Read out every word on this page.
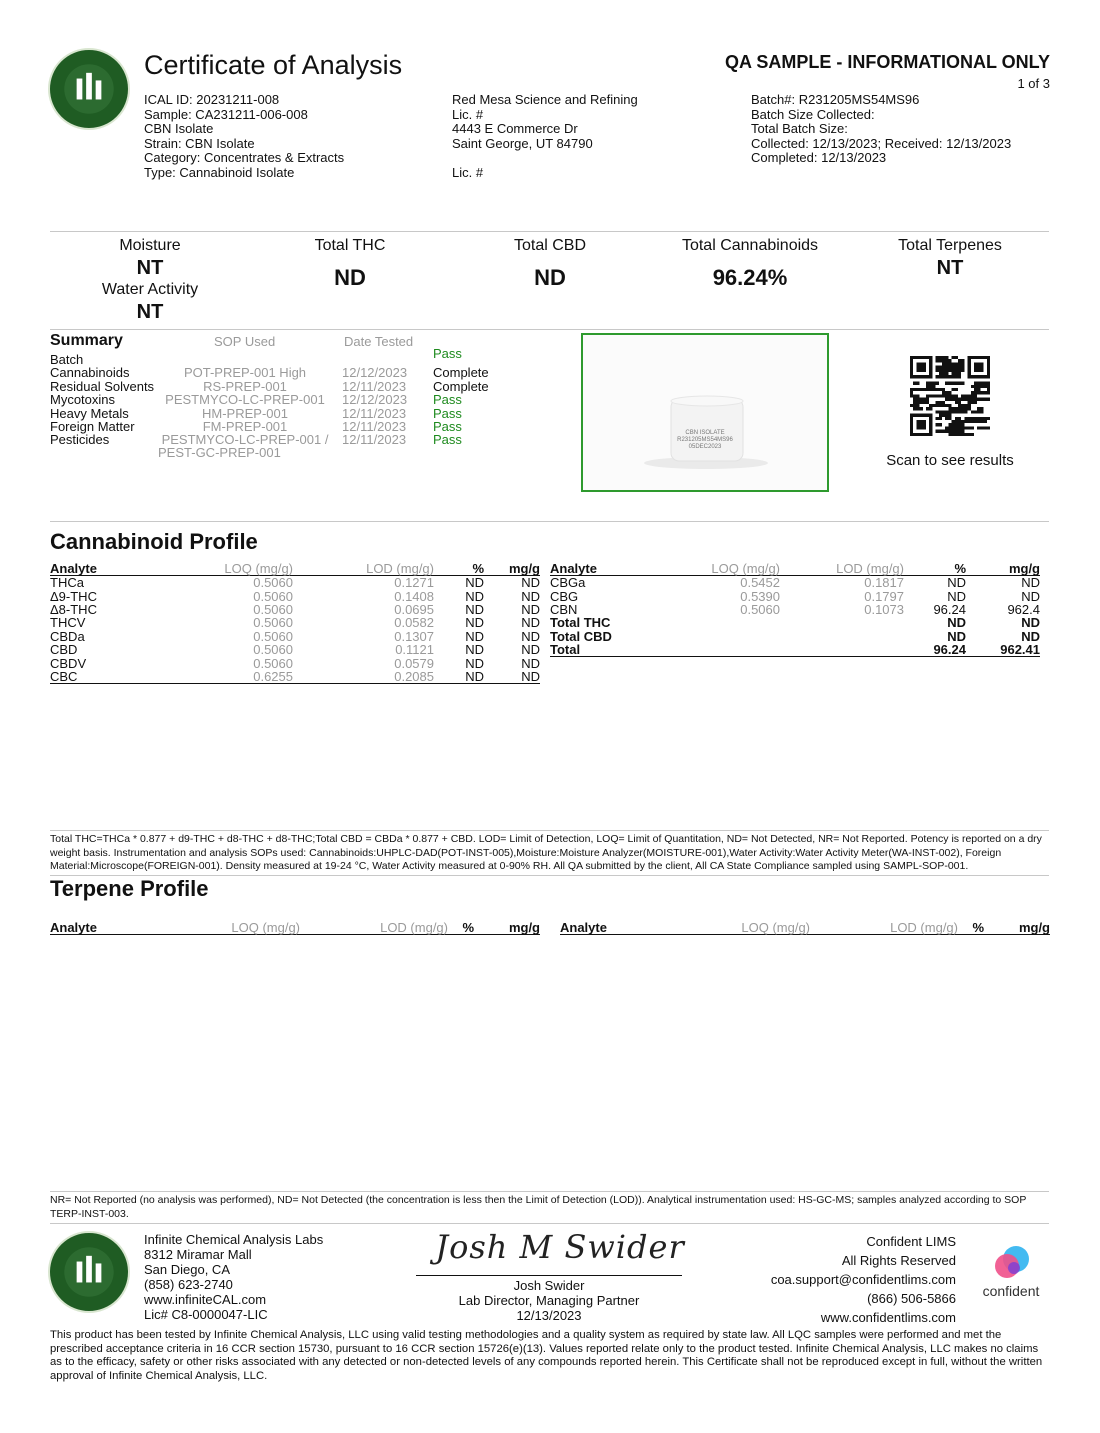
Certificate of Analysis	QA SAMPLE - INFORMATIONAL ONLY
1 of 3
ICAL ID: 20231211-008
Sample: CA231211-006-008
CBN Isolate
Strain: CBN Isolate
Category: Concentrates & Extracts
Type: Cannabinoid Isolate
Red Mesa Science and Refining
Lic. #
4443 E Commerce Dr
Saint George, UT 84790
Lic. #
Batch#: R231205MS54MS96
Batch Size Collected:
Total Batch Size:
Collected: 12/13/2023; Received: 12/13/2023
Completed: 12/13/2023
Moisture
NT
Water Activity
NT
Total THC
ND
Total CBD
ND
Total Cannabinoids
96.24%
Total Terpenes
NT
Summary	SOP Used	Date Tested
Batch	Pass
Cannabinoids	POT-PREP-001 High	12/12/2023 Complete
Residual Solvents	RS-PREP-001	12/11/2023 Complete
Mycotoxins	PESTMYCO-LC-PREP-001	12/12/2023 Pass
Heavy Metals	HM-PREP-001	12/11/2023 Pass
Foreign Matter	FM-PREP-001	12/11/2023 Pass
Pesticides	PESTMYCO-LC-PREP-001 / 12/11/2023 Pass
PEST-GC-PREP-001
CBN ISOLATE
R231205MS54MS96
05DEC2023
Scan to see results
Cannabinoid Profile
Analyte	LOQ (mg/g)	LOD (mg/g)	%	mg/g
THCa	0.5060	0.1271	ND	ND
Δ9-THC	0.5060	0.1408	ND	ND
Δ8-THC	0.5060	0.0695	ND	ND
THCV	0.5060	0.0582	ND	ND
CBDa	0.5060	0.1307	ND	ND
CBD	0.5060	0.1121	ND	ND
CBDV	0.5060	0.0579	ND	ND
CBC	0.6255	0.2085	ND	ND
Analyte	LOQ (mg/g)	LOD (mg/g)	%	mg/g
CBGa	0.5452	0.1817	ND	ND
CBG	0.5390	0.1797	ND	ND
CBN	0.5060	0.1073	96.24	962.4
Total THC			ND	ND
Total CBD			ND	ND
Total			96.24	962.41
Total THC=THCa * 0.877 + d9-THC + d8-THC + d8-THC;Total CBD = CBDa * 0.877 + CBD. LOD= Limit of Detection, LOQ= Limit of Quantitation, ND= Not Detected, NR= Not Reported. Potency is reported on a dry weight basis. Instrumentation and analysis SOPs used: Cannabinoids:UHPLC-DAD(POT-INST-005),Moisture:Moisture Analyzer(MOISTURE-001),Water Activity:Water Activity Meter(WA-INST-002), Foreign Material:Microscope(FOREIGN-001). Density measured at 19-24 °C, Water Activity measured at 0-90% RH. All QA submitted by the client, All CA State Compliance sampled using SAMPL-SOP-001.
Terpene Profile
Analyte	LOQ (mg/g)	LOD (mg/g)	%	mg/g Analyte	LOQ (mg/g)	LOD (mg/g)	%	mg/g
NR= Not Reported (no analysis was performed), ND= Not Detected (the concentration is less then the Limit of Detection (LOD)). Analytical instrumentation used: HS-GC-MS; samples analyzed according to SOP TERP-INST-003.
Infinite Chemical Analysis Labs
8312 Miramar Mall
San Diego, CA
(858) 623-2740
www.infiniteCAL.com
Lic# C8-0000047-LIC
Josh M Swider
Josh Swider
Lab Director, Managing Partner
12/13/2023
Confident LIMS
All Rights Reserved
coa.support@confidentlims.com
(866) 506-5866
www.confidentlims.com
confident
This product has been tested by Infinite Chemical Analysis, LLC using valid testing methodologies and a quality system as required by state law. All LQC samples were performed and met the prescribed acceptance criteria in 16 CCR section 15730, pursuant to 16 CCR section 15726(e)(13). Values reported relate only to the product tested. Infinite Chemical Analysis, LLC makes no claims as to the efficacy, safety or other risks associated with any detected or non-detected levels of any compounds reported herein. This Certificate shall not be reproduced except in full, without the written approval of Infinite Chemical Analysis, LLC.
